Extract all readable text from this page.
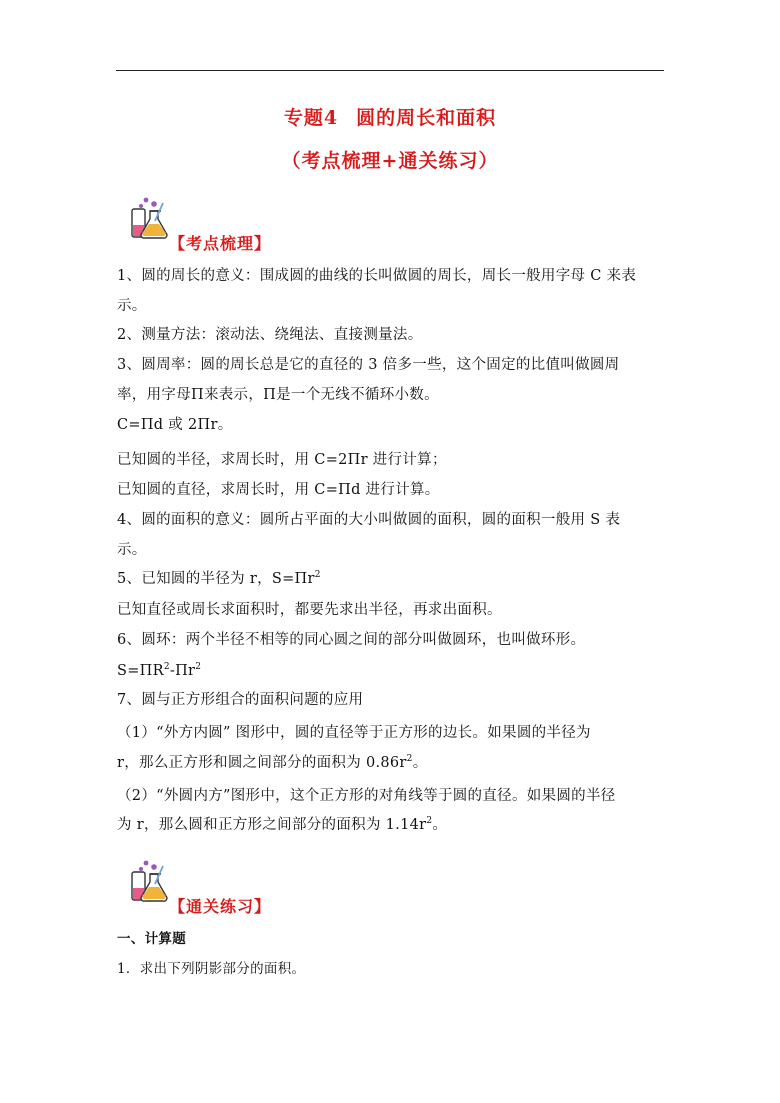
专题4 圆的周长和面积
（考点梳理+通关练习）
【考点梳理】
1、圆的周长的意义：围成圆的曲线的长叫做圆的周长，周长一般用字母 C 来表
示。
2、测量方法：滚动法、绕绳法、直接测量法。
3、圆周率：圆的周长总是它的直径的 3 倍多一些，这个固定的比值叫做圆周
率，用字母Π来表示，Π是一个无线不循环小数。
C=Πd 或 2Πr。
已知圆的半径，求周长时，用 C=2Πr 进行计算；
已知圆的直径，求周长时，用 C=Πd 进行计算。
4、圆的面积的意义：圆所占平面的大小叫做圆的面积，圆的面积一般用 S 表
示。
5、已知圆的半径为 r，$S=\Pi r^2$
已知直径或周长求面积时，都要先求出半径，再求出面积。
6、圆环：两个半径不相等的同心圆之间的部分叫做圆环，也叫做环形。
$S=\Pi R^2-\Pi r^2$
7、圆与正方形组合的面积问题的应用
（1）“外方内圆” 图形中，圆的直径等于正方形的边长。如果圆的半径为
r，那么正方形和圆之间部分的面积为 $0.86r^2$。
（2）“外圆内方”图形中，这个正方形的对角线等于圆的直径。如果圆的半径
为 r，那么圆和正方形之间部分的面积为 $1.14r^2$。
【通关练习】
一、计算题
1．求出下列阴影部分的面积。
